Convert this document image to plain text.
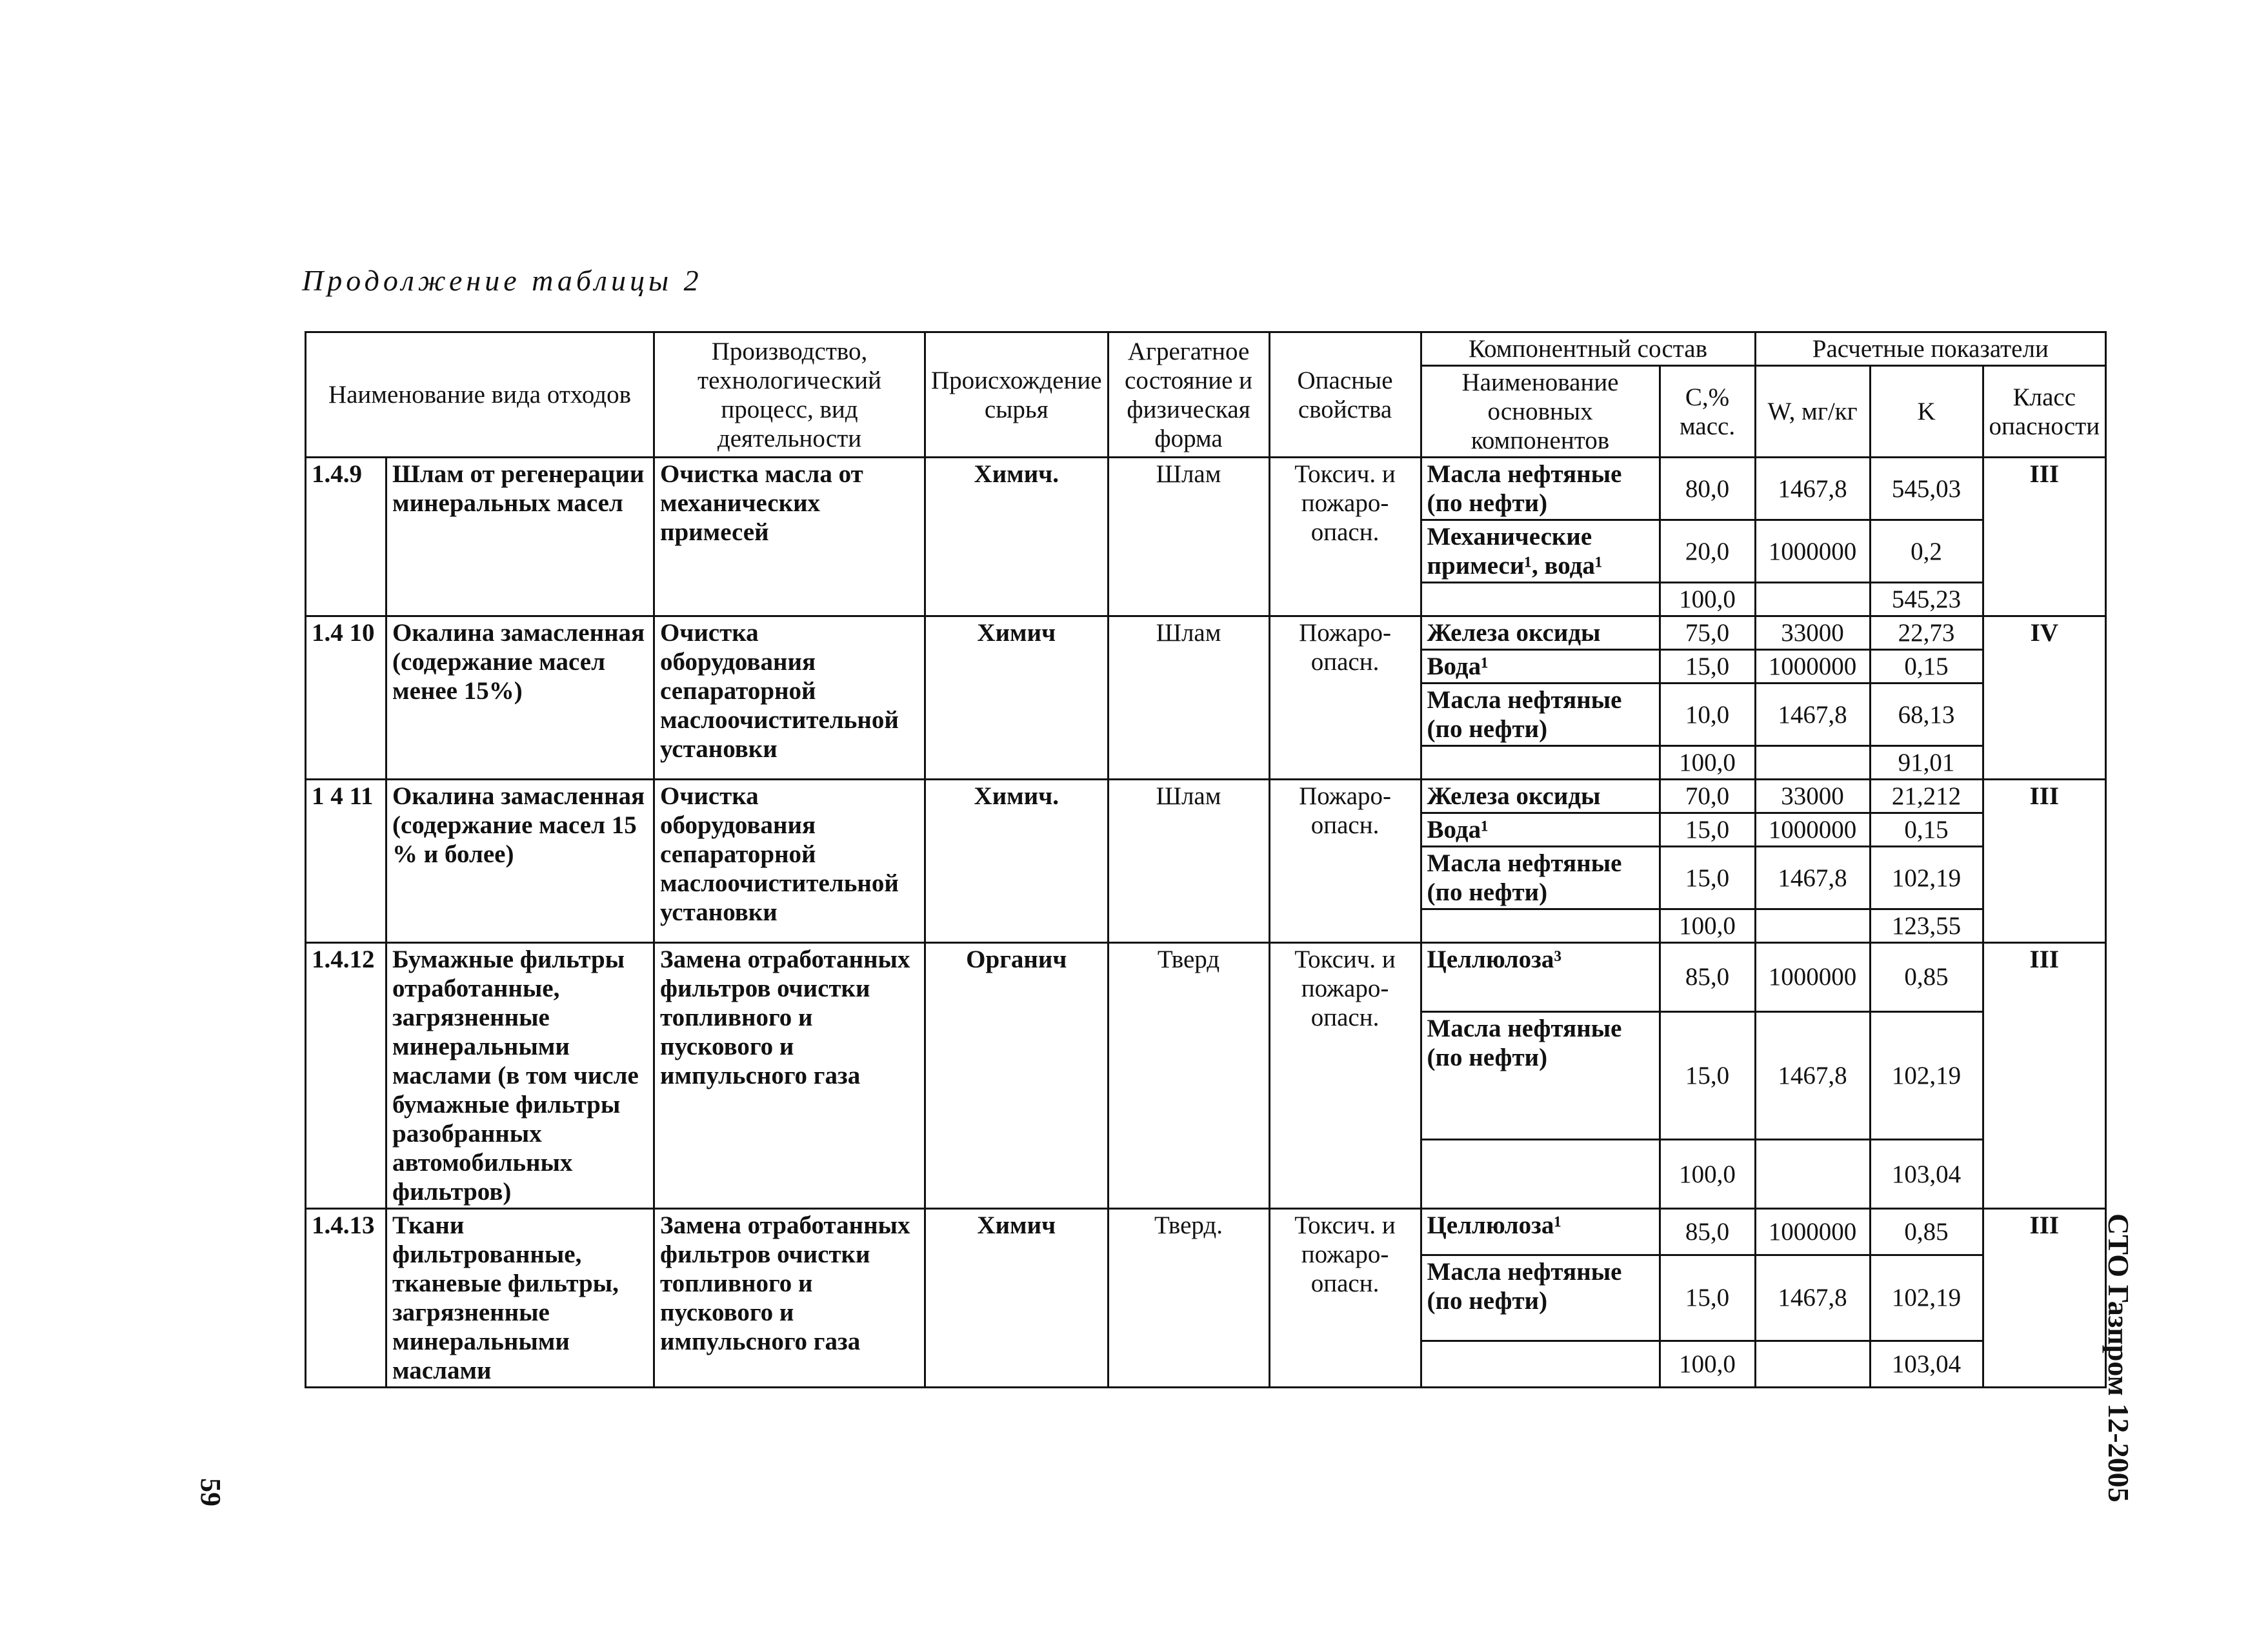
Продолжение таблицы 2
Наименование вида отходов		Производство, технологический процесс, вид деятельности	Происхождение сырья	Агрегатное состояние и физическая форма	Опасные свойства	Компонентный состав		Расчетные показатели		
						Наименование основных компонентов	C,% масс.	W, мг/кг	K	Класс опасности
1.4.9	Шлам от регенерации минеральных масел	Очистка масла от механических примесей	Химич.	Шлам	Токсич. и пожаро-опасн.	Масла нефтяные (по нефти)	80,0	1467,8	545,03	III
						Механические примеси¹, вода¹	20,0	1000000	0,2	
							100,0		545,23	
1.4 10	Окалина замасленная (содержание масел менее 15%)	Очистка оборудования сепараторной маслоочистительной установки	Химич	Шлам	Пожаро-опасн.	Железа оксиды	75,0	33000	22,73	IV
						Вода¹	15,0	1000000	0,15	
						Масла нефтяные (по нефти)	10,0	1467,8	68,13	
							100,0		91,01	
1 4 11	Окалина замасленная (содержание масел 15 % и более)	Очистка оборудования сепараторной маслоочистительной установки	Химич.	Шлам	Пожаро-опасн.	Железа оксиды	70,0	33000	21,212	III
						Вода¹	15,0	1000000	0,15	
						Масла нефтяные (по нефти)	15,0	1467,8	102,19	
							100,0		123,55	
1.4.12	Бумажные фильтры отработанные, загрязненные минеральными маслами (в том числе бумажные фильтры разобранных автомобильных фильтров)	Замена отработанных фильтров очистки топливного и пускового и импульсного газа	Органич	Тверд	Токсич. и пожаро-опасн.	Целлюлоза³	85,0	1000000	0,85	III
						Масла нефтяные (по нефти)	15,0	1467,8	102,19	
							100,0		103,04	
1.4.13	Ткани фильтрованные, тканевые фильтры, загрязненные минеральными маслами	Замена отработанных фильтров очистки топливного и пускового и импульсного газа	Химич	Тверд.	Токсич. и пожаро-опасн.	Целлюлоза¹	85,0	1000000	0,85	III
						Масла нефтяные (по нефти)	15,0	1467,8	102,19	
							100,0		103,04		СТО Газпром 12-2005
59
